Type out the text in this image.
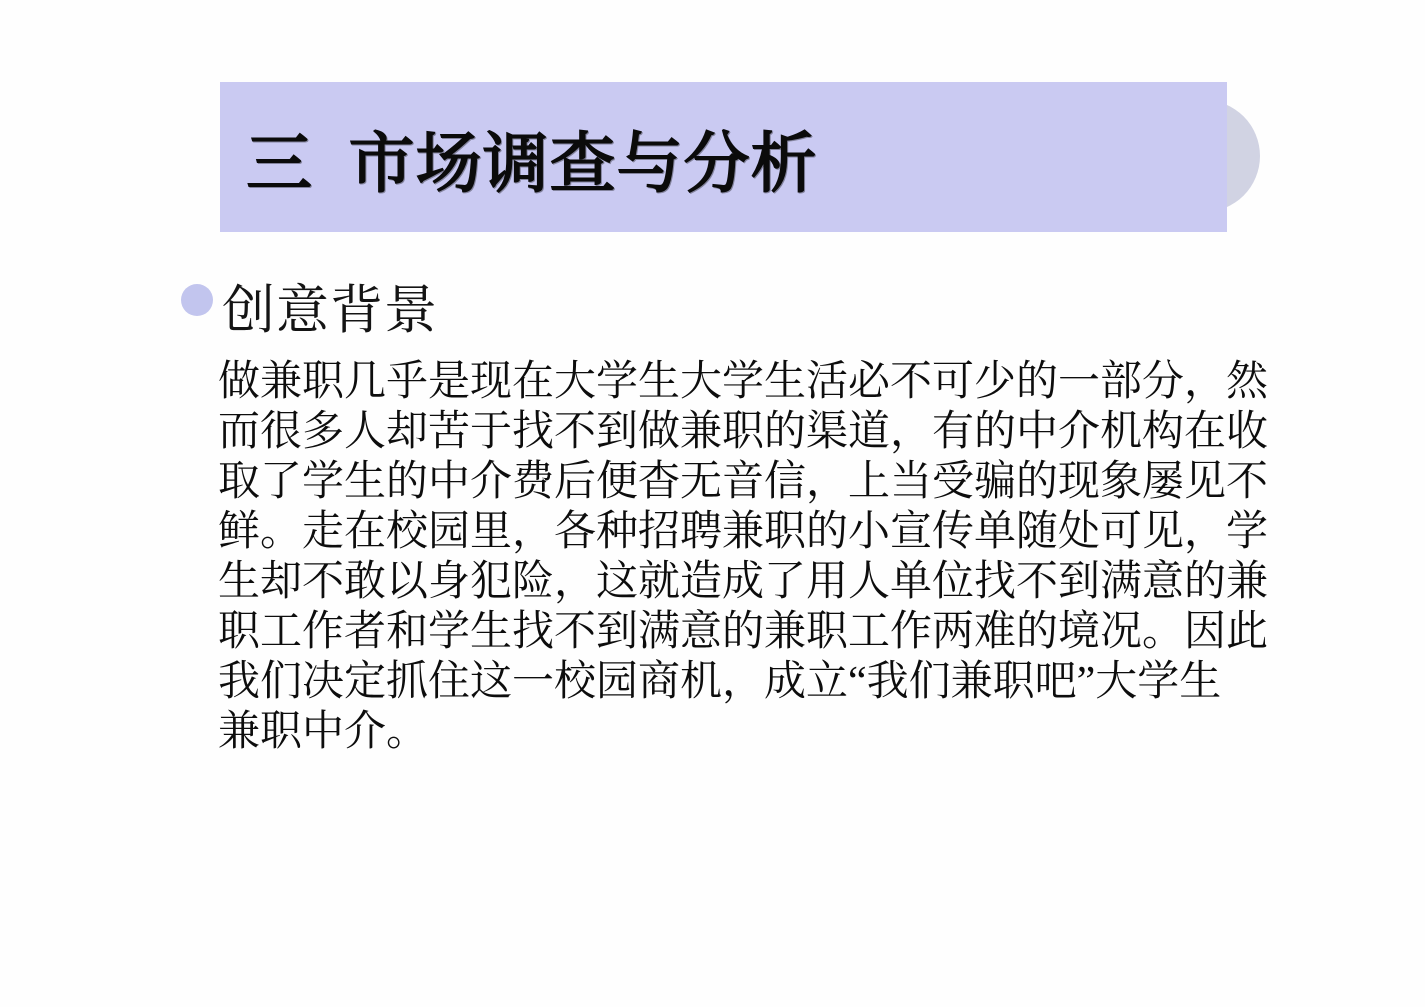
三 市场调查与分析
创意背景
做兼职几乎是现在大学生大学生活必不可少的一部分，然
而很多人却苦于找不到做兼职的渠道，有的中介机构在收
取了学生的中介费后便杳无音信，上当受骗的现象屡见不
鲜。走在校园里，各种招聘兼职的小宣传单随处可见，学
生却不敢以身犯险，这就造成了用人单位找不到满意的兼
职工作者和学生找不到满意的兼职工作两难的境况。因此
我们决定抓住这一校园商机，成立“我们兼职吧”大学生
兼职中介。
